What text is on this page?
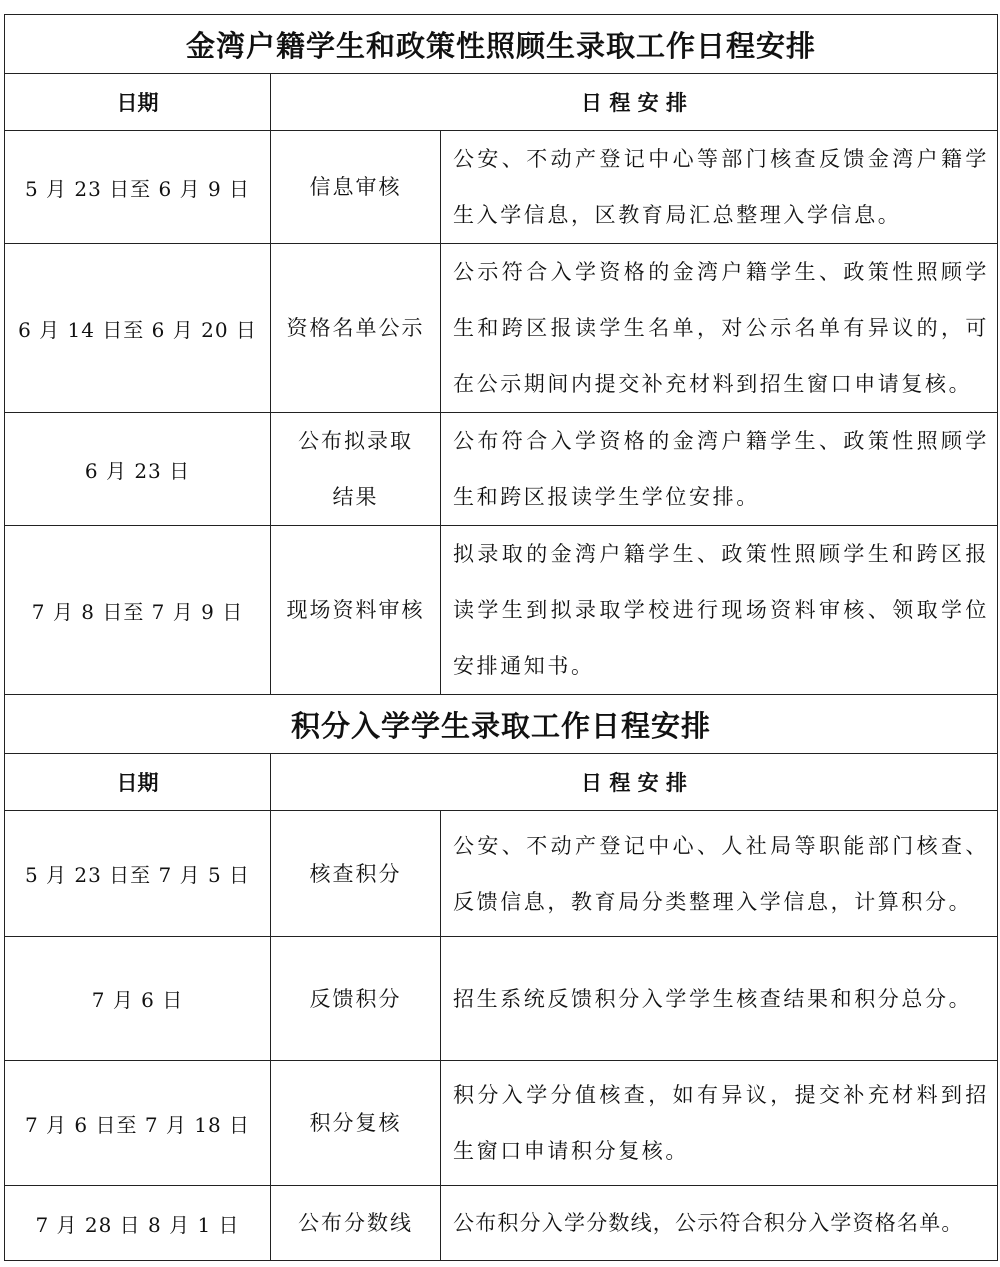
金湾户籍学生和政策性照顾生录取工作日程安排		
日期	日 程 安 排	
5 月 23 日至 6 月 9 日	信息审核	公安、不动产登记中心等部门核查反馈金湾户籍学生入学信息，区教育局汇总整理入学信息。
6 月 14 日至 6 月 20 日	资格名单公示	公示符合入学资格的金湾户籍学生、政策性照顾学生和跨区报读学生名单，对公示名单有异议的，可在公示期间内提交补充材料到招生窗口申请复核。
6 月 23 日	公布拟录取结果	公布符合入学资格的金湾户籍学生、政策性照顾学生和跨区报读学生学位安排。
7 月 8 日至 7 月 9 日	现场资料审核	拟录取的金湾户籍学生、政策性照顾学生和跨区报读学生到拟录取学校进行现场资料审核、领取学位安排通知书。
积分入学学生录取工作日程安排		
日期	日 程 安 排	
5 月 23 日至 7 月 5 日	核查积分	公安、不动产登记中心、人社局等职能部门核查、反馈信息，教育局分类整理入学信息，计算积分。
7 月 6 日	反馈积分	招生系统反馈积分入学学生核查结果和积分总分。
7 月 6 日至 7 月 18 日	积分复核	积分入学分值核查，如有异议，提交补充材料到招生窗口申请积分复核。
7 月 28 日 8 月 1 日	公布分数线	公布积分入学分数线，公示符合积分入学资格名单。
